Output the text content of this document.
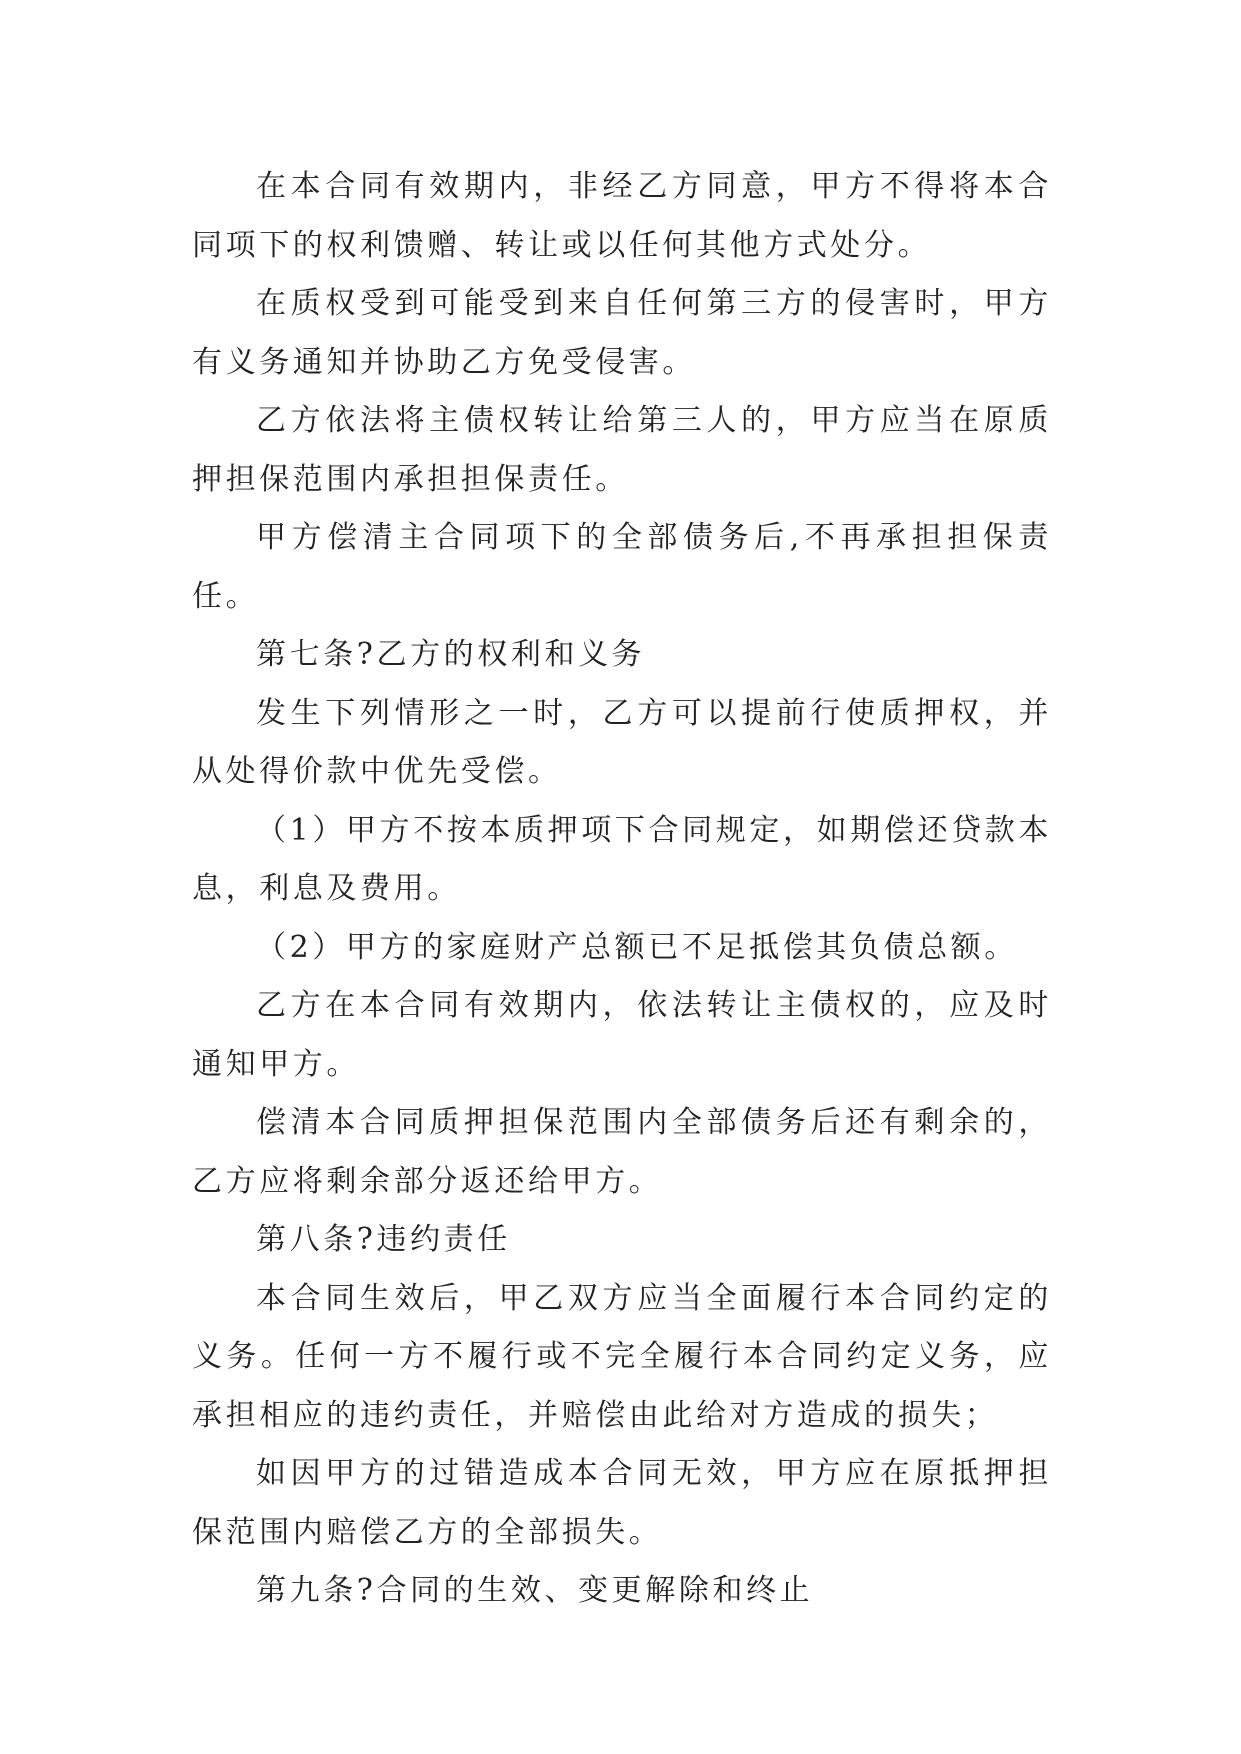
在本合同有效期内，非经乙方同意，甲方不得将本合同项下的权利馈赠、转让或以任何其他方式处分。

在质权受到可能受到来自任何第三方的侵害时，甲方有义务通知并协助乙方免受侵害。

乙方依法将主债权转让给第三人的，甲方应当在原质押担保范围内承担担保责任。

甲方偿清主合同项下的全部债务后,不再承担担保责任。

第七条?乙方的权利和义务

发生下列情形之一时，乙方可以提前行使质押权，并从处得价款中优先受偿。

（1）甲方不按本质押项下合同规定，如期偿还贷款本息，利息及费用。

（2）甲方的家庭财产总额已不足抵偿其负债总额。

乙方在本合同有效期内，依法转让主债权的，应及时通知甲方。

偿清本合同质押担保范围内全部债务后还有剩余的，乙方应将剩余部分返还给甲方。

第八条?违约责任

本合同生效后，甲乙双方应当全面履行本合同约定的义务。任何一方不履行或不完全履行本合同约定义务，应承担相应的违约责任，并赔偿由此给对方造成的损失；

如因甲方的过错造成本合同无效，甲方应在原抵押担保范围内赔偿乙方的全部损失。

第九条?合同的生效、变更解除和终止
